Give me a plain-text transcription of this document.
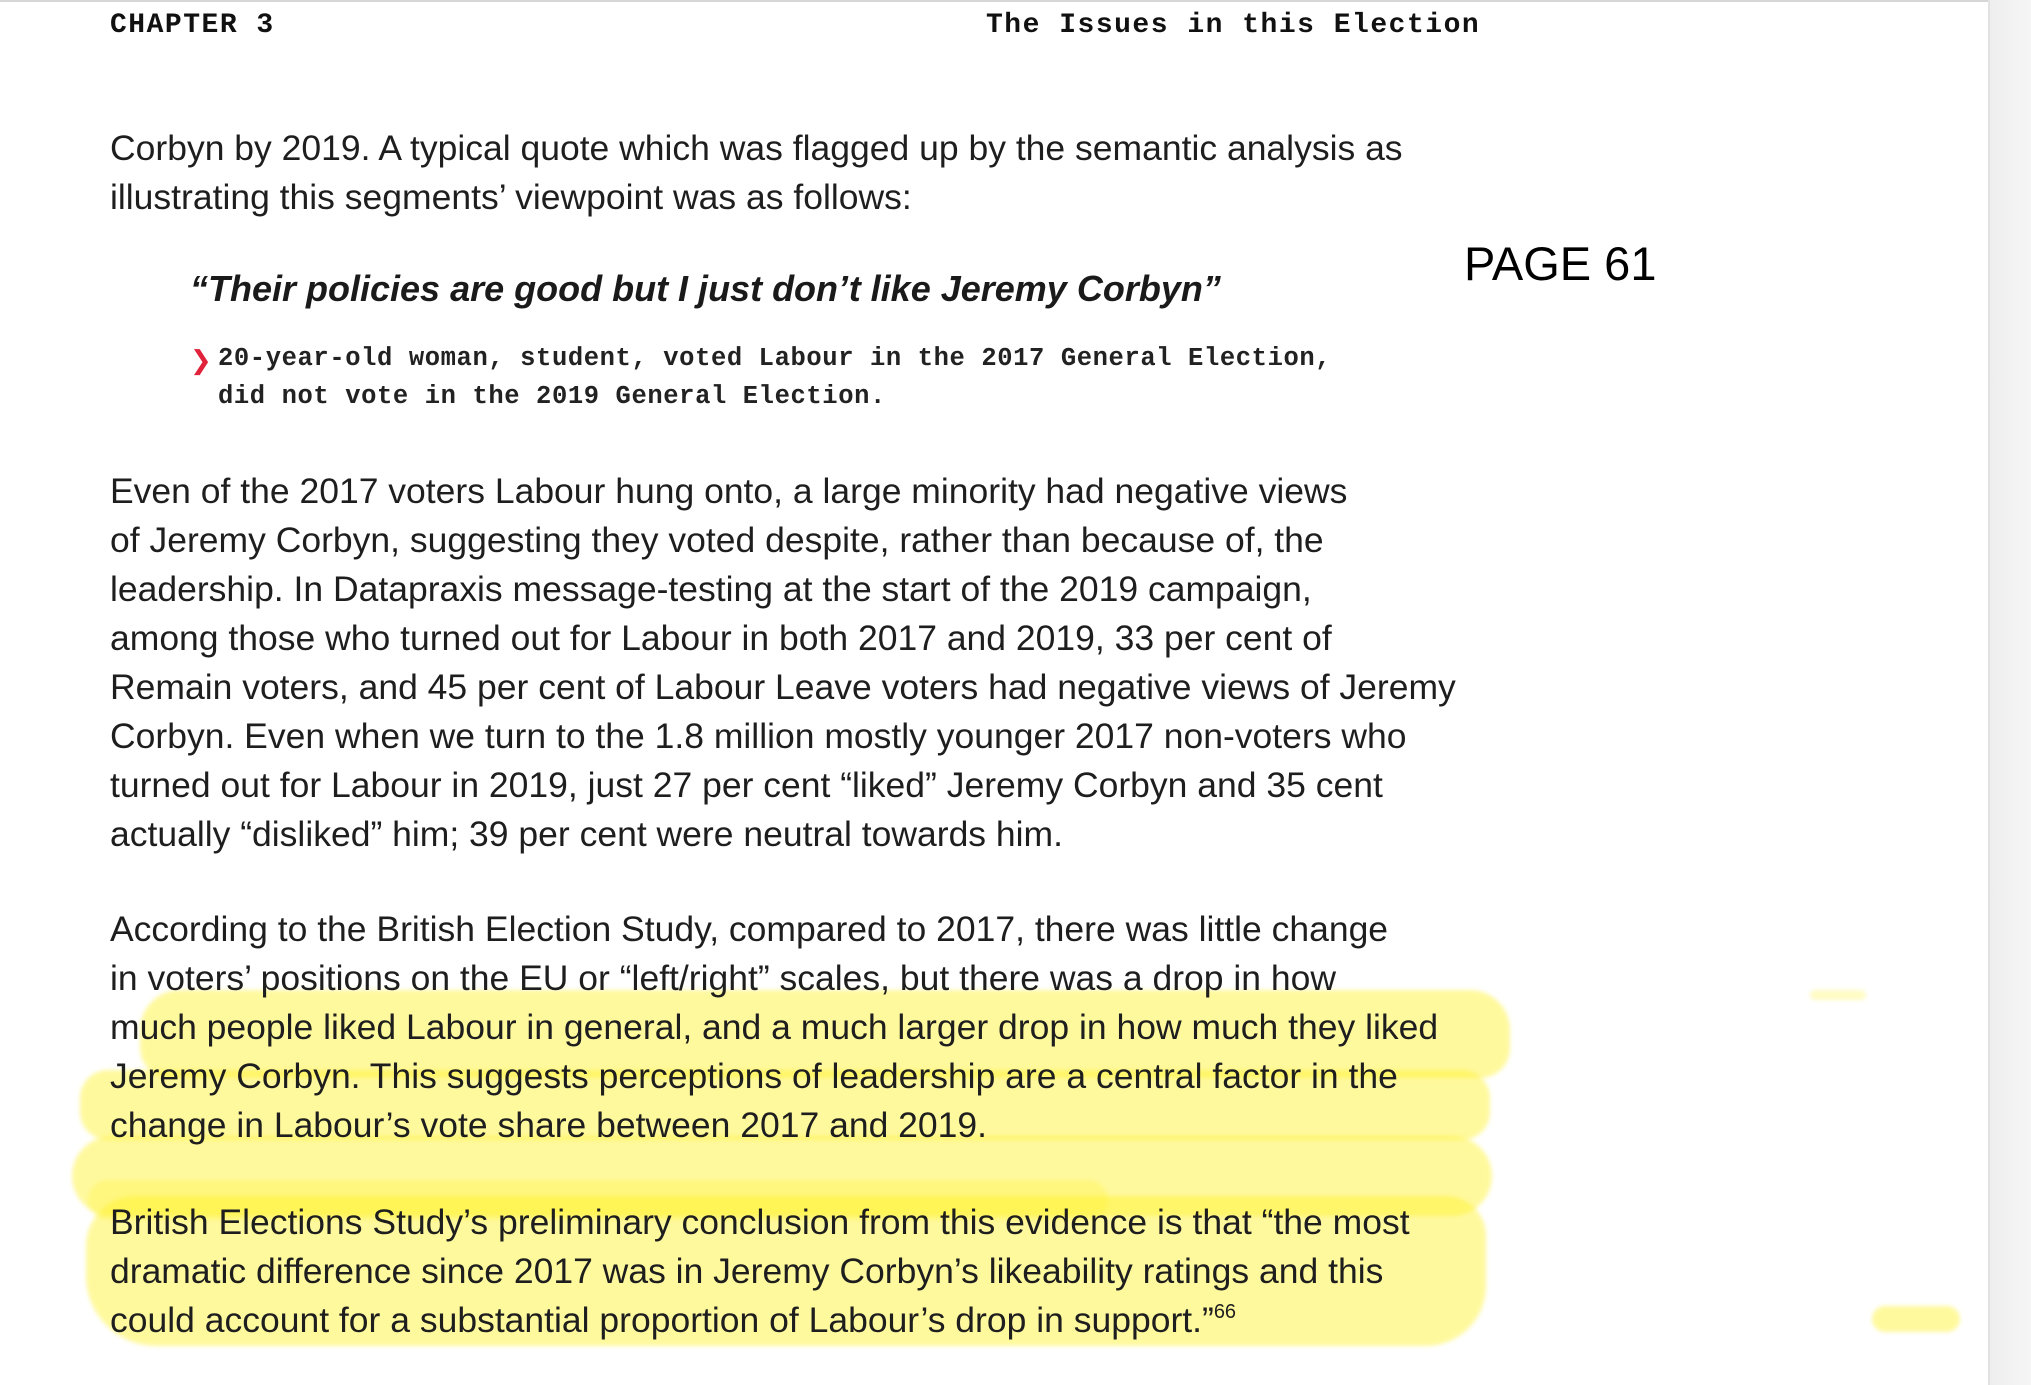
CHAPTER 3	The Issues in this Election
PAGE 61
Corbyn by 2019. A typical quote which was flagged up by the semantic analysis as
illustrating this segments’ viewpoint was as follows:
“Their policies are good but I just don’t like Jeremy Corbyn”
❯ 20-year-old woman, student, voted Labour in the 2017 General Election,
did not vote in the 2019 General Election.
Even of the 2017 voters Labour hung onto, a large minority had negative views
of Jeremy Corbyn, suggesting they voted despite, rather than because of, the
leadership. In Datapraxis message-testing at the start of the 2019 campaign,
among those who turned out for Labour in both 2017 and 2019, 33 per cent of
Remain voters, and 45 per cent of Labour Leave voters had negative views of Jeremy
Corbyn. Even when we turn to the 1.8 million mostly younger 2017 non-voters who
turned out for Labour in 2019, just 27 per cent “liked” Jeremy Corbyn and 35 cent
actually “disliked” him; 39 per cent were neutral towards him.
According to the British Election Study, compared to 2017, there was little change
in voters’ positions on the EU or “left/right” scales, but there was a drop in how
much people liked Labour in general, and a much larger drop in how much they liked
Jeremy Corbyn. This suggests perceptions of leadership are a central factor in the
change in Labour’s vote share between 2017 and 2019.
British Elections Study’s preliminary conclusion from this evidence is that “the most
dramatic difference since 2017 was in Jeremy Corbyn’s likeability ratings and this
could account for a substantial proportion of Labour’s drop in support.”$^{66}$
